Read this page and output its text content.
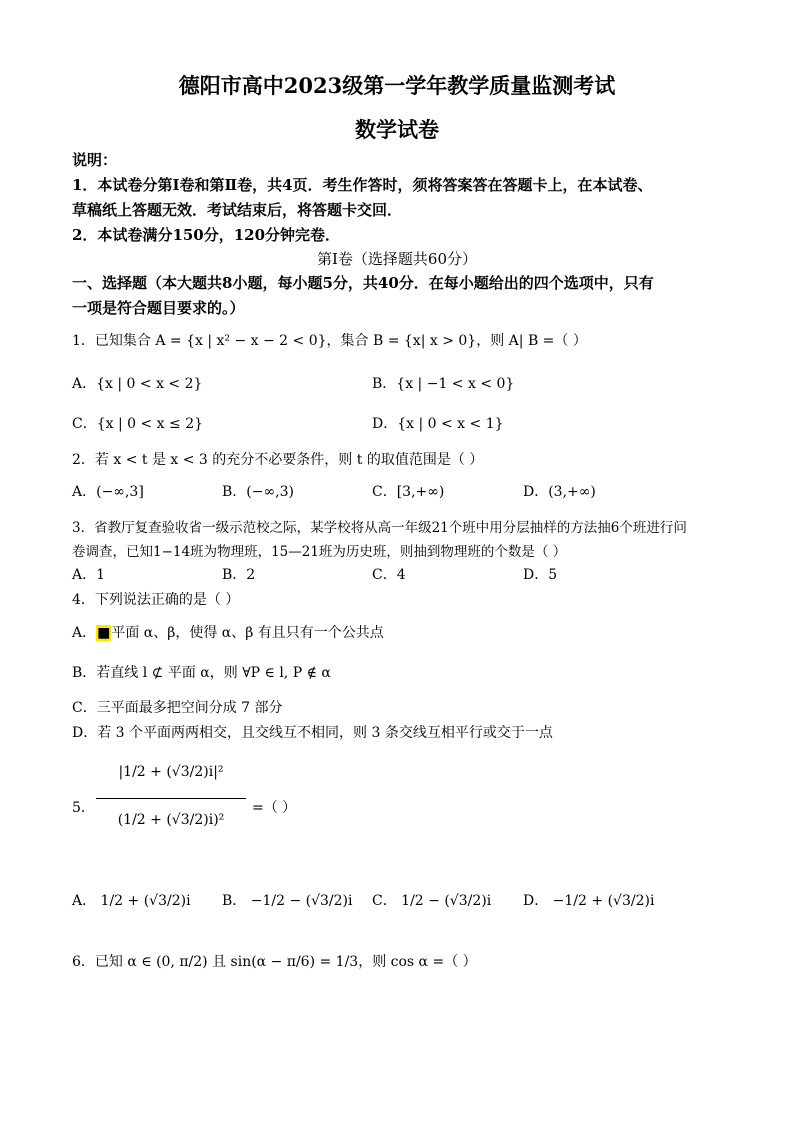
德阳市高中2023级第一学年教学质量监测考试
数学试卷
说明：
1．本试卷分第Ⅰ卷和第Ⅱ卷，共4页．考生作答时，须将答案答在答题卡上，在本试卷、
草稿纸上答题无效．考试结束后，将答题卡交回．
2．本试卷满分150分，120分钟完卷．
第Ⅰ卷（选择题共60分）
一、选择题（本大题共8小题，每小题5分，共40分．在每小题给出的四个选项中，只有
一项是符合题目要求的。）
1．已知集合 A = {x | x² − x − 2 < 0}，集合 B = {x| x > 0}，则 A| B =（ ）
A．{x | 0 < x < 2}	B．{x | −1 < x < 0}
C．{x | 0 < x ≤ 2}	D．{x | 0 < x < 1}
2．若 x < t 是 x < 3 的充分不必要条件，则 t 的取值范围是（ ）
A．(−∞,3]	B．(−∞,3)	C．[3,+∞)	D．(3,+∞)
3．省教厅复查验收省一级示范校之际，某学校将从高一年级21个班中用分层抽样的方法抽6个班进行问
卷调查，已知1−14班为物理班，15—21班为历史班，则抽到物理班的个数是（ ）
A．1	B．2	C．4	D．5
4．下列说法正确的是（ ）
A．■平面 α、β，使得 α、β 有且只有一个公共点
B．若直线 l ⊄ 平面 α，则 ∀P ∈ l, P ∉ α
C．三平面最多把空间分成 7 部分
D．若 3 个平面两两相交，且交线互不相同，则 3 条交线互相平行或交于一点
5．
|1/2 + (√3/2)i|²
(1/2 + (√3/2)i)²
=（ ）
A． 1/2 + (√3/2)i B． −1/2 − (√3/2)i C． 1/2 − (√3/2)i D． −1/2 + (√3/2)i
6．已知 α ∈ (0, π/2) 且 sin(α − π/6) = 1/3，则 cos α =（ ）
